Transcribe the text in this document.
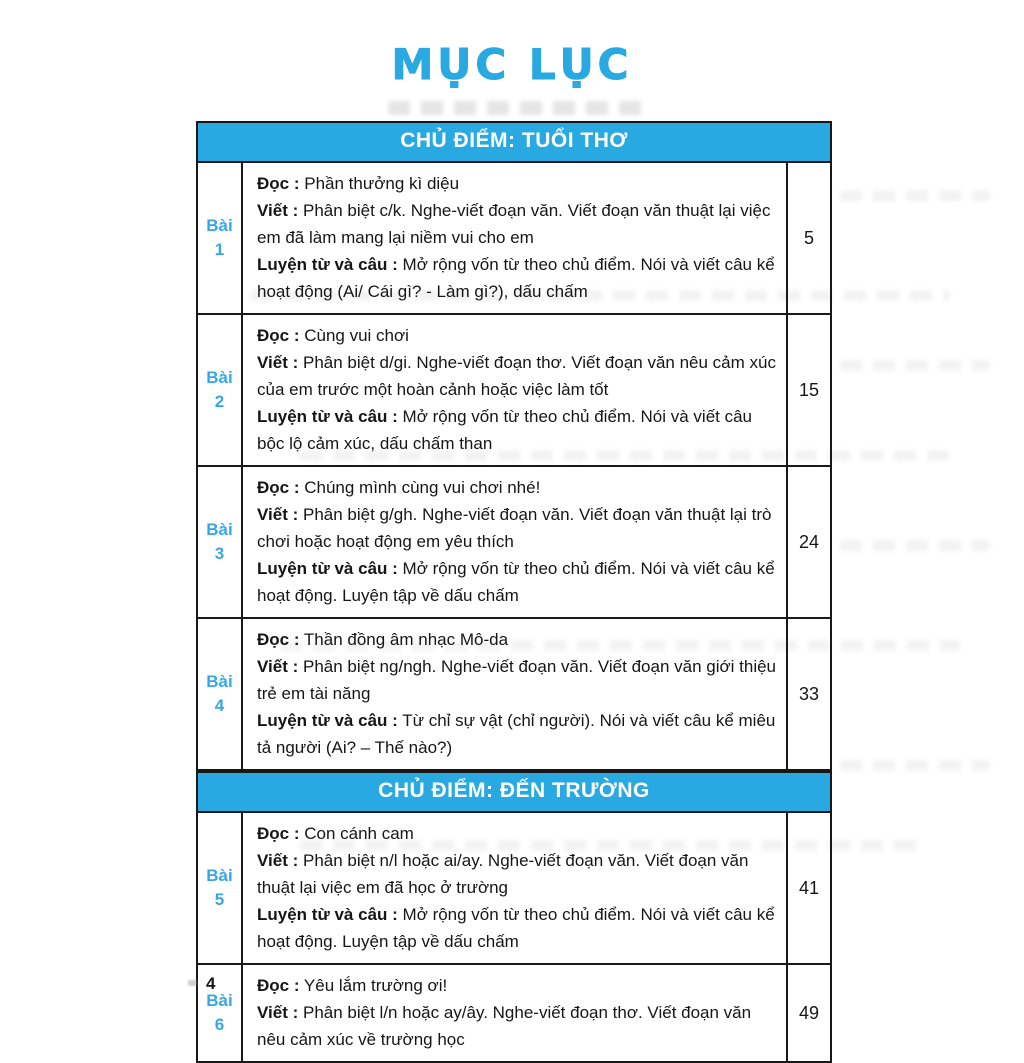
MỤC LỤC
CHỦ ĐIỂM: TUỔI THƠ
Bài
1

Đọc : Phần thưởng kì diệu

Viết : Phân biệt c/k. Nghe-viết đoạn văn. Viết đoạn văn thuật lại việc em đã làm mang lại niềm vui cho em

Luyện từ và câu : Mở rộng vốn từ theo chủ điểm. Nói và viết câu kể hoạt động (Ai/ Cái gì? - Làm gì?), dấu chấm

5
Bài
2

Đọc : Cùng vui chơi

Viết : Phân biệt d/gi. Nghe-viết đoạn thơ. Viết đoạn văn nêu cảm xúc của em trước một hoàn cảnh hoặc việc làm tốt

Luyện từ và câu : Mở rộng vốn từ theo chủ điểm. Nói và viết câu bộc lộ cảm xúc, dấu chấm than

15
Bài
3

Đọc : Chúng mình cùng vui chơi nhé!

Viết : Phân biệt g/gh. Nghe-viết đoạn văn. Viết đoạn văn thuật lại trò chơi hoặc hoạt động em yêu thích

Luyện từ và câu : Mở rộng vốn từ theo chủ điểm. Nói và viết câu kể hoạt động. Luyện tập về dấu chấm

24
Bài
4

Đọc : Thần đồng âm nhạc Mô-da

Viết : Phân biệt ng/ngh. Nghe-viết đoạn văn. Viết đoạn văn giới thiệu trẻ em tài năng

Luyện từ và câu : Từ chỉ sự vật (chỉ người). Nói và viết câu kể miêu tả người (Ai? – Thế nào?)

33
CHỦ ĐIỂM: ĐẾN TRƯỜNG
Bài
5

Đọc : Con cánh cam

Viết : Phân biệt n/l hoặc ai/ay. Nghe-viết đoạn văn. Viết đoạn văn thuật lại việc em đã học ở trường

Luyện từ và câu : Mở rộng vốn từ theo chủ điểm. Nói và viết câu kể hoạt động. Luyện tập về dấu chấm

41
Bài
6

Đọc : Yêu lắm trường ơi!

Viết : Phân biệt l/n hoặc ay/ây. Nghe-viết đoạn thơ. Viết đoạn văn nêu cảm xúc về trường học

49
4
